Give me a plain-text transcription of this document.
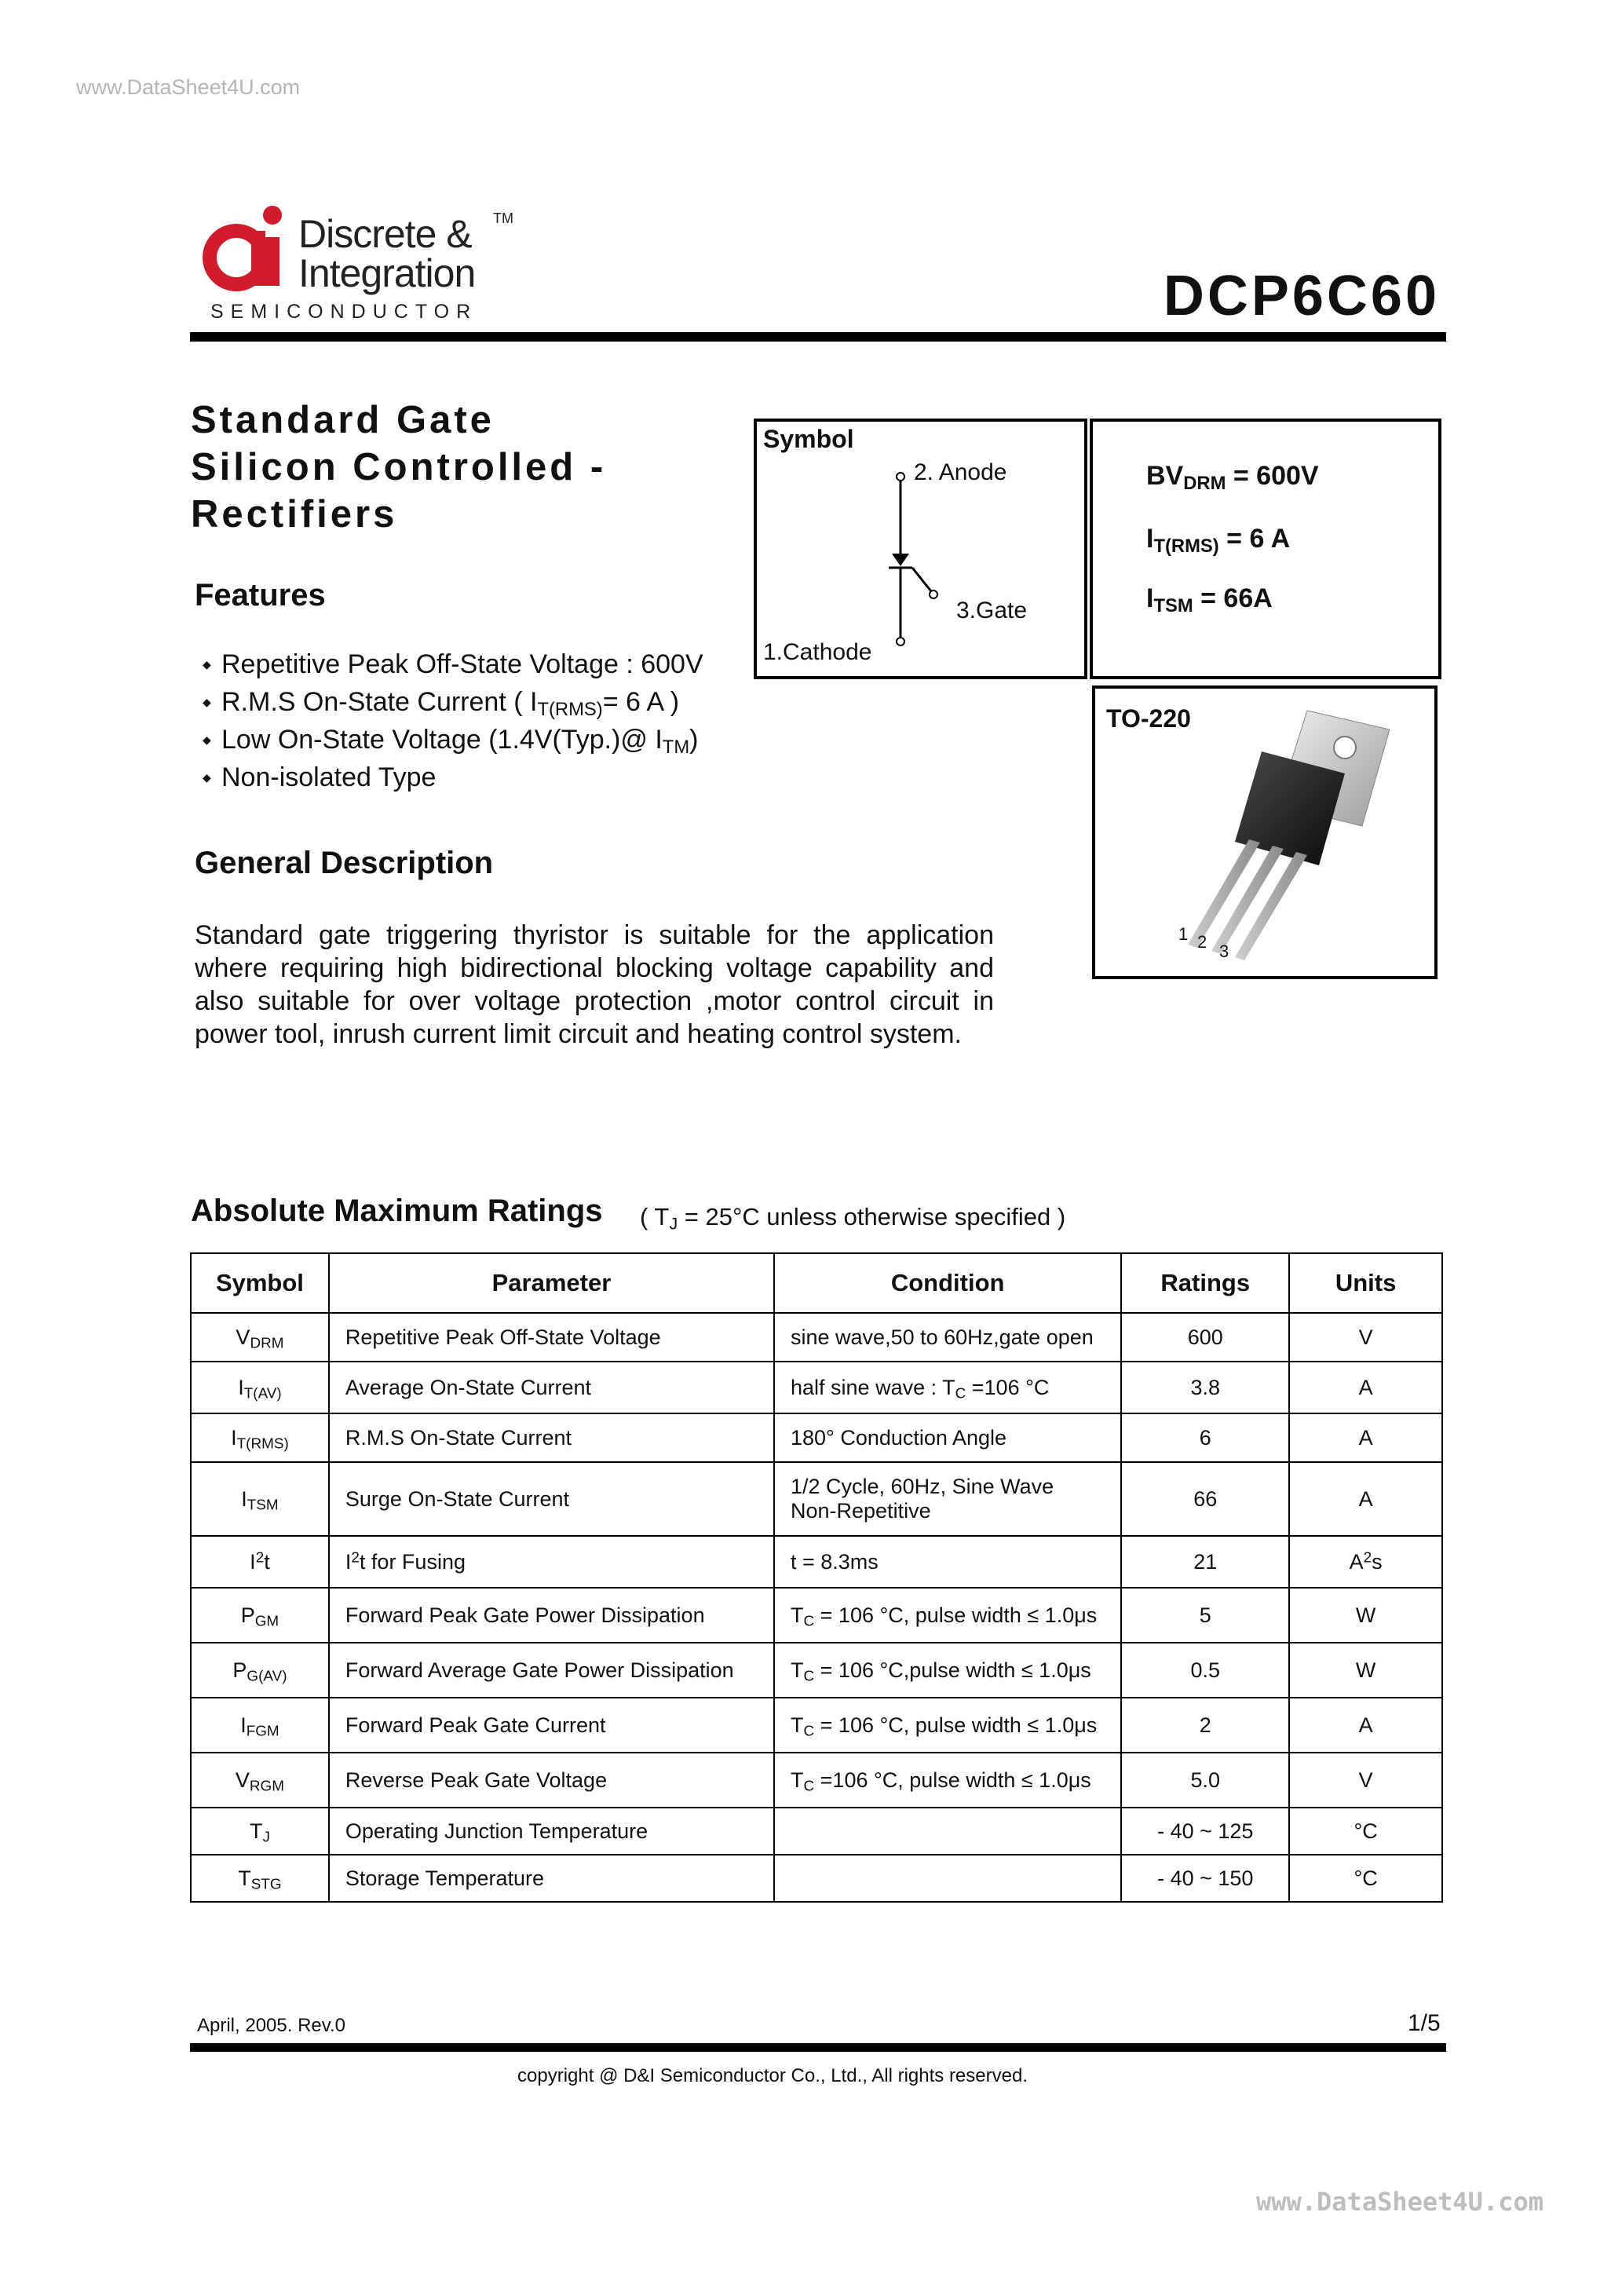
www.DataSheet4U.com
www.DataSheet4U.com
Discrete &
Integration
TM
SEMICONDUCTOR	DCP6C60
Standard Gate
Silicon Controlled -
Rectifiers
Features
◆ Repetitive Peak Off-State Voltage : 600V
◆ R.M.S On-State Current ( $I_{T(RMS)}= 6$ A )
◆ Low On-State Voltage (1.4V(Typ.)@ $I_{TM}$)
◆ Non-isolated Type
General Description

Standard gate triggering thyristor is suitable for the application where requiring high bidirectional blocking voltage capability and also suitable for over voltage protection ,motor control circuit in power tool, inrush current limit circuit and heating control system.

Symbol
2. Anode
3.Gate
1.Cathode
$BV_{DRM} = 600V$
$I_{T(RMS)} = 6$ A
$I_{TSM} = 66A$
TO-220
1 2 3
Absolute Maximum Ratings ( $T_J = 25^\circ C$ unless otherwise specified )
Symbol	Parameter	Condition	Ratings	Units
$V_{DRM}$	Repetitive Peak Off-State Voltage	sine wave,50 to 60Hz,gate open	600	V
$I_{T(AV)}$	Average On-State Current	half sine wave : $T_C =106$ °C	3.8	A
$I_{T(RMS)}$	R.M.S On-State Current	180° Conduction Angle	6	A
$I_{TSM}$	Surge On-State Current	1/2 Cycle, 60Hz, Sine Wave
Non-Repetitive	66	A
$I^2t$	$I^2t$ for Fusing	t = 8.3ms	21	$A^2s$
$P_{GM}$	Forward Peak Gate Power Dissipation	$T_C = 106$ °C, pulse width ≤ 1.0μs	5	W
$P_{G(AV)}$	Forward Average Gate Power Dissipation	$T_C = 106$ °C,pulse width ≤ 1.0μs	0.5	W
$I_{FGM}$	Forward Peak Gate Current	$T_C = 106$ °C, pulse width ≤ 1.0μs	2	A
$V_{RGM}$	Reverse Peak Gate Voltage	$T_C =106$ °C, pulse width ≤ 1.0μs	5.0	V
$T_J$	Operating Junction Temperature		- 40 ~ 125	°C
$T_{STG}$	Storage Temperature		- 40 ~ 150	°C
April, 2005. Rev.0	1/5
copyright @ D&I Semiconductor Co., Ltd., All rights reserved.
